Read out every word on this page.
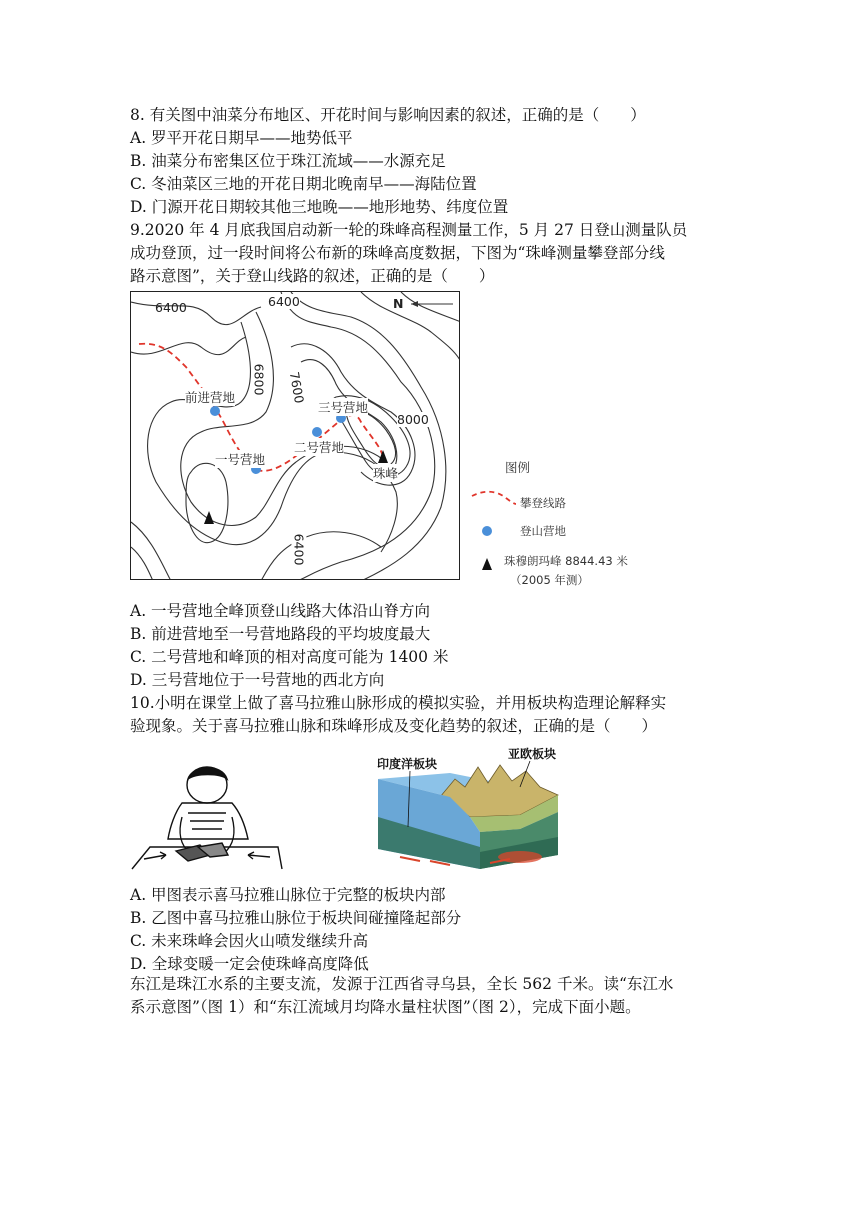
8. 有关图中油菜分布地区、开花时间与影响因素的叙述，正确的是（　　）
A. 罗平开花日期早——地势低平
B. 油菜分布密集区位于珠江流域——水源充足
C. 冬油菜区三地的开花日期北晚南早——海陆位置
D. 门源开花日期较其他三地晚——地形地势、纬度位置
9.2020 年 4 月底我国启动新一轮的珠峰高程测量工作，5 月 27 日登山测量队员
成功登顶，过一段时间将公布新的珠峰高度数据，下图为“珠峰测量攀登部分线
路示意图”，关于登山线路的叙述，正确的是（　　）
6400	6400
6800 7600
8000
6400
N
前进营地
一号营地
二号营地
三号营地
珠峰	图例
攀登线路
登山营地
珠穆朗玛峰 8844.43 米
（2005 年测）
A. 一号营地全峰顶登山线路大体沿山脊方向
B. 前进营地至一号营地路段的平均坡度最大
C. 二号营地和峰顶的相对高度可能为 1400 米
D. 三号营地位于一号营地的西北方向
10.小明在课堂上做了喜马拉雅山脉形成的模拟实验，并用板块构造理论解释实
验现象。关于喜马拉雅山脉和珠峰形成及变化趋势的叙述，正确的是（　　）
印度洋板块
亚欧板块
A. 甲图表示喜马拉雅山脉位于完整的板块内部
B. 乙图中喜马拉雅山脉位于板块间碰撞隆起部分
C. 未来珠峰会因火山喷发继续升高
D. 全球变暖一定会使珠峰高度降低
东江是珠江水系的主要支流，发源于江西省寻乌县，全长 562 千米。读“东江水
系示意图”（图 1）和“东江流域月均降水量柱状图”（图 2），完成下面小题。
